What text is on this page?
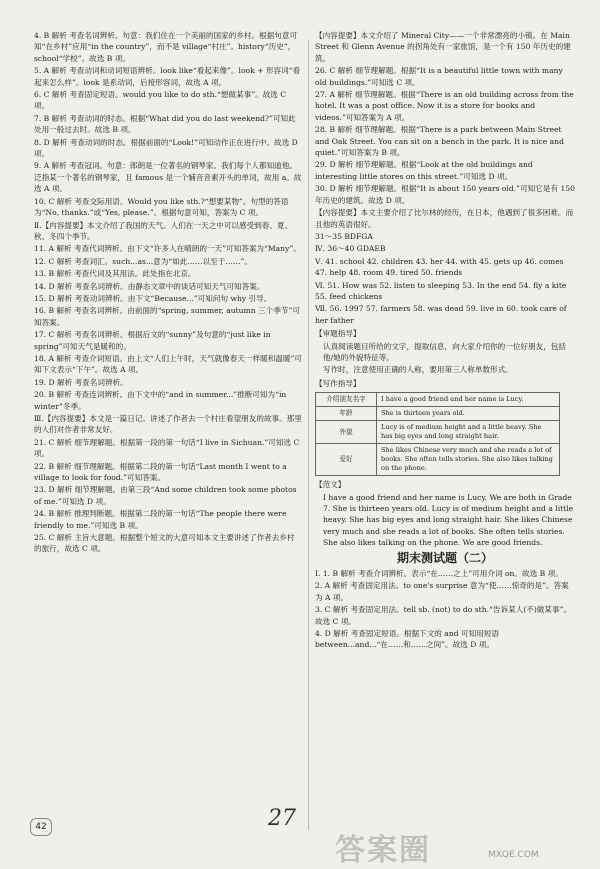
4. B 解析 考查名词辨析。句意：我们住在一个美丽的国家的乡村。根据句意可知“在乡村”应用“in the country”，而不是 village“村庄”。history“历史”，school“学校”。故选 B 项。
5. A 解析 考查动词和动词短语辨析。look like“看起来像”。look + 形容词“看起来怎么样”。look 是系动词，后接形容词，故选 A 项。
6. C 解析 考查固定短语。would you like to do sth.“想做某事”。故选 C 项。
7. B 解析 考查动词的时态。根据“What did you do last weekend?”可知此处用一般过去时。故选 B 项。
8. D 解析 考查动词的时态。根据前面的“Look!”可知动作正在进行中。故选 D 项。
9. A 解析 考查冠词。句意：郎朗是一位著名的钢琴家。我们每个人都知道他。泛指某一个著名的钢琴家，且 famous 是一个辅音音素开头的单词，故用 a。故选 A 项。
10. C 解析 考查交际用语。Would you like sth.?“想要某物”。句型的答语为“No, thanks.”或“Yes, please.”。根据句意可知，答案为 C 项。
Ⅱ.【内容提要】本文介绍了我国的天气。人们在一天之中可以感受到春、夏、秋、冬四个季节。
11. A 解析 考查代词辨析。由下文“许多人在晴朗的一天”可知答案为“Many”。
12. C 解析 考查词汇。such...as...意为“如此……以至于……”。
13. B 解析 考查代词及其用法。此处指在北京。
14. D 解析 考查名词辨析。由静态文章中的谈话可知天气可知答案。
15. D 解析 考查动词辨析。由下文“Because...”可知问句 why 引导。
16. B 解析 考查名词辨析。由前面的“spring, summer, autumn 三个季节”可知答案。
17. C 解析 考查名词辨析。根据后文的“sunny”及句意的“just like in spring”可知天气是暖和的。
18. A 解析 考查介词短语。由上文“人们上午时，天气就像春天一样暖和温暖”可知下文表示“下午”。故选 A 项。
19. D 解析 考查名词辨析。
20. B 解析 考查连词辨析。由下文中的“and in summer...”推断可知为“in winter”冬季。
Ⅲ.【内容提要】本文是一篇日记。讲述了作者去一个村庄看望朋友的故事。那里的人们对作者非常友好。
21. C 解析 细节理解题。根据第一段的第一句话“I live in Sichuan.”可知选 C 项。
22. B 解析 细节理解题。根据第二段的第一句话“Last month I went to a village to look for food.”可知答案。
23. D 解析 细节理解题。由第三段“And some children took some photos of me.”可知选 D 项。
24. B 解析 推理判断题。根据第二段的第一句话“The people there were friendly to me.”可知选 B 项。
25. C 解析 主旨大意题。根据整个短文的大意可知本文主要讲述了作者去乡村的旅行，故选 C 项。
【内容提要】本文介绍了 Mineral City——一个非常漂亮的小镇。在 Main Street 和 Glenn Avenue 的拐角处有一家旅馆，是一个有 150 年历史的建筑。
26. C 解析 细节理解题。根据“It is a beautiful little town with many old buildings.”可知选 C 项。
27. A 解析 细节理解题。根据“There is an old building across from the hotel. It was a post office. Now it is a store for books and videos.”可知答案为 A 项。
28. B 解析 细节理解题。根据“There is a park between Main Street and Oak Street. You can sit on a bench in the park. It is nice and quiet.”可知答案为 B 项。
29. D 解析 细节理解题。根据“Look at the old buildings and interesting little stores on this street.”可知选 D 项。
30. D 解析 细节理解题。根据“It is about 150 years old.”可知它是有 150 年历史的建筑。故选 D 项。
【内容提要】本文主要介绍了比尔林的经历，在日本，他遇到了很多困难。而且他的英语很好。
31～35 BDFGA
Ⅳ. 36～40 GDAEB
Ⅴ. 41. school 42. children 43. her 44. with 45. gets up 46. comes 47. help 48. room 49. tired 50. friends
Ⅵ. 51. How was 52. listen to sleeping 53. In the end 54. fly a kite 55. feed chickens
Ⅶ. 56. 1997 57. farmers 58. was dead 59. live in 60. took care of her father
【审题指导】
认真阅读题目所给的文字，提取信息，向大家介绍你的一位好朋友，包括他/她的外貌特征等。
写作时，注意使用正确的人称，要用第三人称单数形式。
【写作指导】
介绍朋友名字	I have a good friend and her name is Lucy.
年龄	She is thirteen years old.
外貌	Lucy is of medium height and a little heavy. She has big eyes and long straight hair.
爱好	She likes Chinese very much and she reads a lot of books. She often tells stories. She also likes talking on the phone.
【范文】
I have a good friend and her name is Lucy. We are both in Grade 7. She is thirteen years old. Lucy is of medium height and a little heavy. She has big eyes and long straight hair. She likes Chinese very much and she reads a lot of books. She often tells stories. She also likes talking on the phone. We are good friends.
期末测试题（二）
Ⅰ. 1. B 解析 考查介词辨析。表示“在……之上”可用介词 on。故选 B 项。
2. A 解析 考查固定用法。to one's surprise 意为“使……惊奇的是”。答案为 A 项。
3. C 解析 考查固定用法。tell sb. (not) to do sth.“告诉某人(不)做某事”。故选 C 项。
4. D 解析 考查固定短语。根据下文的 and 可知用短语 between...and...“在……和……之间”。故选 D 项。
42	27
答案圈	MXQE.COM
